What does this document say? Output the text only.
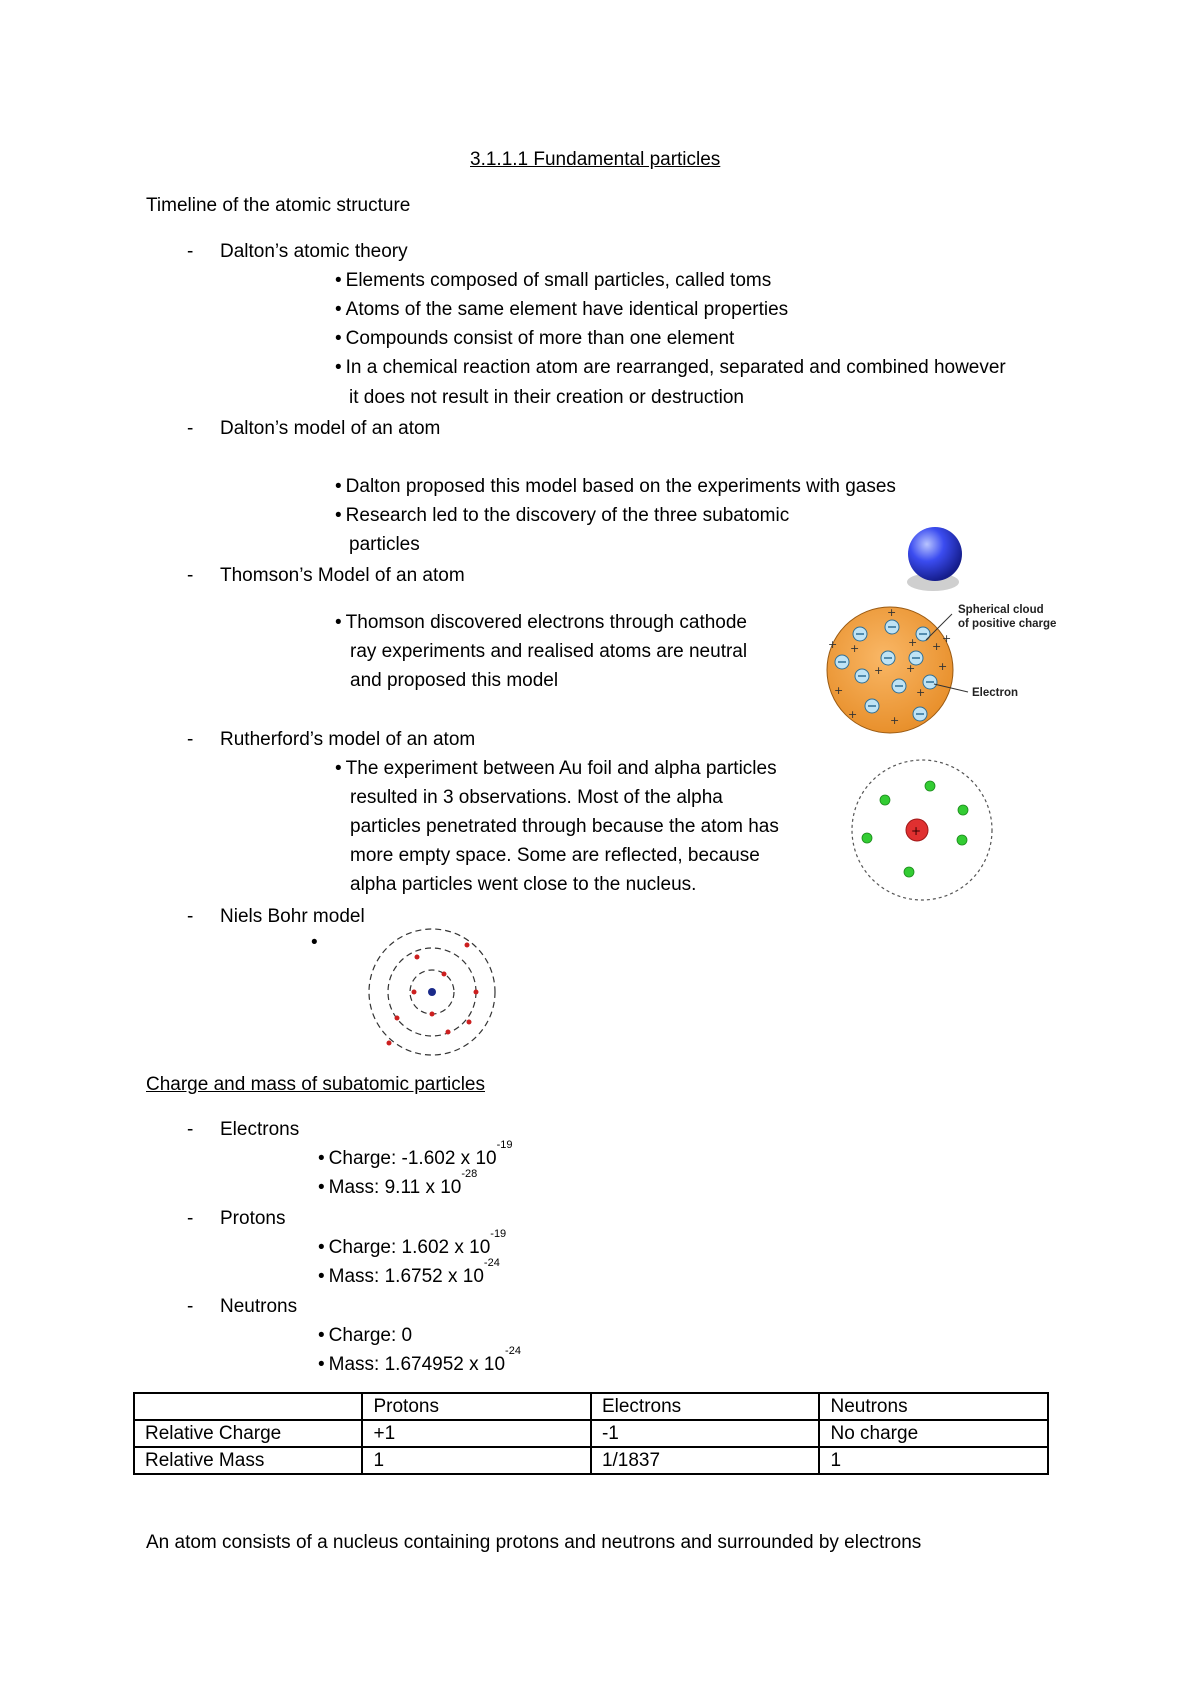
3.1.1.1 Fundamental particles
Timeline of the atomic structure
- Dalton’s atomic theory
• Elements composed of small particles, called toms
• Atoms of the same element have identical properties
• Compounds consist of more than one element
• In a chemical reaction atom are rearranged, separated and combined however
it does not result in their creation or destruction
- Dalton’s model of an atom
• Dalton proposed this model based on the experiments with gases
• Research led to the discovery of the three subatomic
particles
- Thomson’s Model of an atom
• Thomson discovered electrons through cathode
ray experiments and realised atoms are neutral
and proposed this model
+
+	+ +
+
+
+ +
+	+
+	+
+
Spherical cloud
of positive charge
Electron
- Rutherford’s model of an atom
• The experiment between Au foil and alpha particles
resulted in 3 observations. Most of the alpha
particles penetrated through because the atom has
more empty space. Some are reflected, because
alpha particles went close to the nucleus.
+
- Niels Bohr model
•
Charge and mass of subatomic particles
- Electrons
• Charge: -1.602 x $10^{-19}$
• Mass: 9.11 x $10^{-28}$
- Protons
• Charge: 1.602 x $10^{-19}$
• Mass: 1.6752 x $10^{-24}$
- Neutrons
• Charge: 0
• Mass: 1.674952 x $10^{-24}$
	Protons	Electrons	Neutrons
Relative Charge	+1	-1	No charge
Relative Mass	1	1/1837	1
An atom consists of a nucleus containing protons and neutrons and surrounded by electrons
